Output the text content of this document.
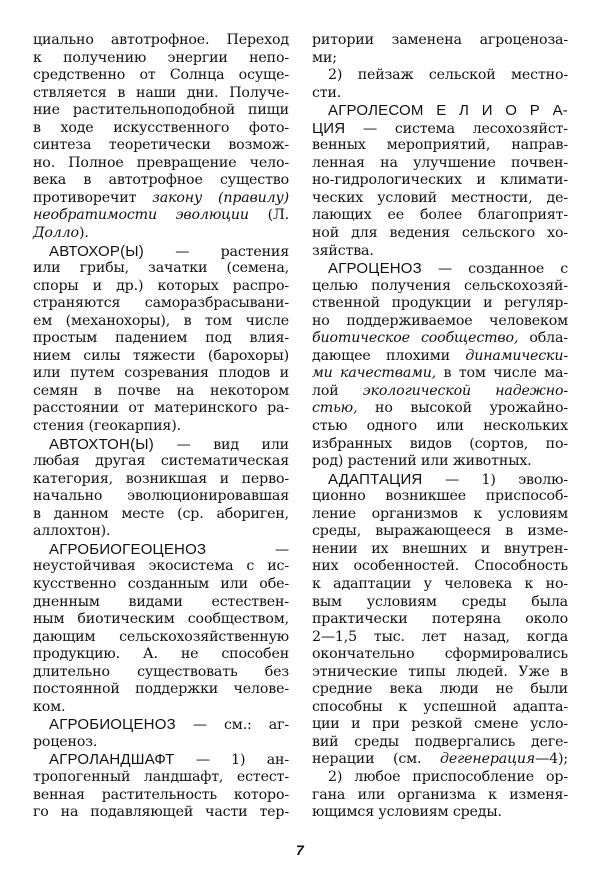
циально автотрофное. Переход
к получению энергии непо-
средственно от Солнца осуще-
ствляется в наши дни. Получе-
ние растительноподобной пищи
в ходе искусственного фото-
синтеза теоретически возмож-
но. Полное превращение чело-
века в автотрофное существо
противоречит закону (правилу)
необратимости эволюции (Л.
Долло).
АВТОХОР(Ы) — растения
или грибы, зачатки (семена,
споры и др.) которых распро-
страняются саморазбрасывани-
ем (механохоры), в том числе
простым падением под влия-
нием силы тяжести (барохоры)
или путем созревания плодов и
семян в почве на некотором
расстоянии от материнского ра-
стения (геокарпия).
АВТОХТОН(Ы) — вид или
любая другая систематическая
категория, возникшая и перво-
начально эволюционировавшая
в данном месте (ср. абориген,
аллохтон).
АГРОБИОГЕОЦЕНОЗ —
неустойчивая экосистема с ис-
кусственно созданным или обе-
дненным видами естествен-
ным биотическим сообществом,
дающим сельскохозяйственную
продукцию. А. не способен
длительно существовать без
постоянной поддержки челове-
ком.
АГРОБИОЦЕНОЗ — см.: аг-
роценоз.
АГРОЛАНДШАФТ — 1) ан-
тропогенный ландшафт, естест-
венная растительность которо-
го на подавляющей части тер-
ритории заменена агроценоза-
ми;
2) пейзаж сельской местно-
сти.
АГРОЛЕСОМ Е Л И О Р А-
ЦИЯ — система лесохозяйст-
венных мероприятий, направ-
ленная на улучшение почвен-
но-гидрологических и климати-
ческих условий местности, де-
лающих ее более благоприят-
ной для ведения сельского хо-
зяйства.
АГРОЦЕНОЗ — созданное с
целью получения сельскохозяй-
ственной продукции и регуляр-
но поддерживаемое человеком
биотическое сообщество, обла-
дающее плохими динамически-
ми качествами, в том числе ма-
лой экологической надежно-
стью, но высокой урожайно-
стью одного или нескольких
избранных видов (сортов, по-
род) растений или животных.
АДАПТАЦИЯ — 1) эволю-
ционно возникшее приспособ-
ление организмов к условиям
среды, выражающееся в изме-
нении их внешних и внутрен-
них особенностей. Способность
к адаптации у человека к но-
вым условиям среды была
практически потеряна около
2—1,5 тыс. лет назад, когда
окончательно сформировались
этнические типы людей. Уже в
средние века люди не были
способны к успешной адапта-
ции и при резкой смене усло-
вий среды подвергались деге-
нерации (см. дегенерация—4);
2) любое приспособление ор-
гана или организма к изменя-
ющимся условиям среды.
7
